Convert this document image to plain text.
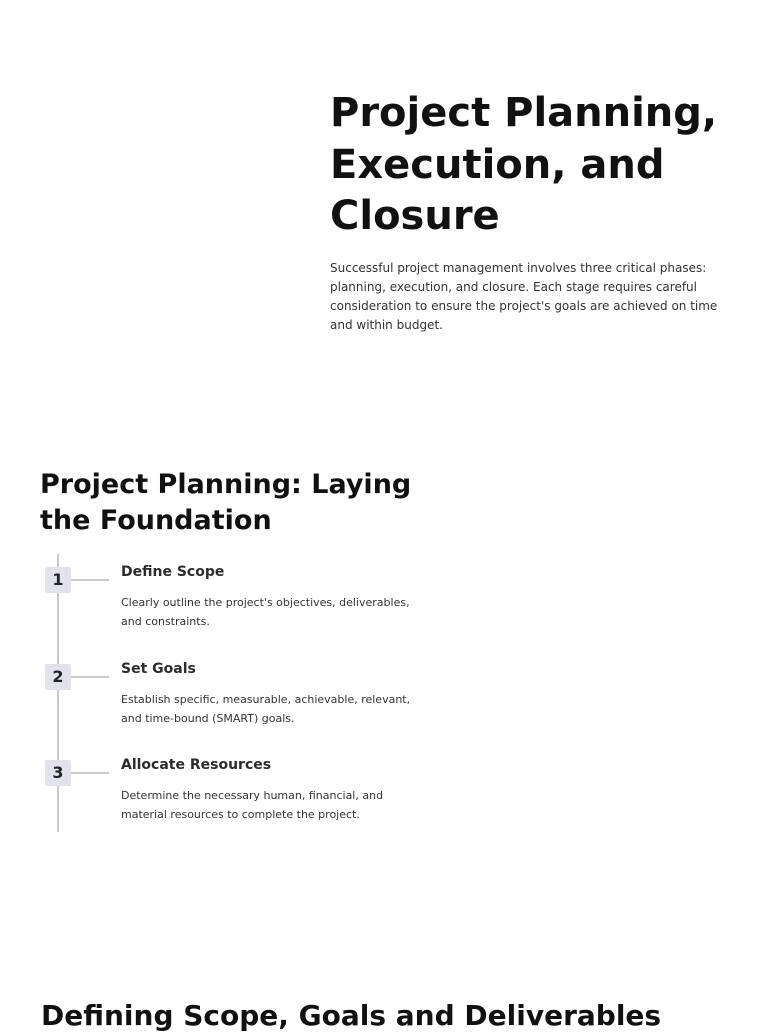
Project Planning, Execution, and Closure

Successful project management involves three critical phases: planning, execution, and closure. Each stage requires careful consideration to ensure the project's goals are achieved on time and within budget.

Project Planning: Laying the Foundation
1	Define Scope

Clearly outline the project's objectives, deliverables, and constraints.

2	Set Goals

Establish specific, measurable, achievable, relevant, and time-bound (SMART) goals.

3	Allocate Resources

Determine the necessary human, financial, and material resources to complete the project.

Defining Scope, Goals and Deliverables
